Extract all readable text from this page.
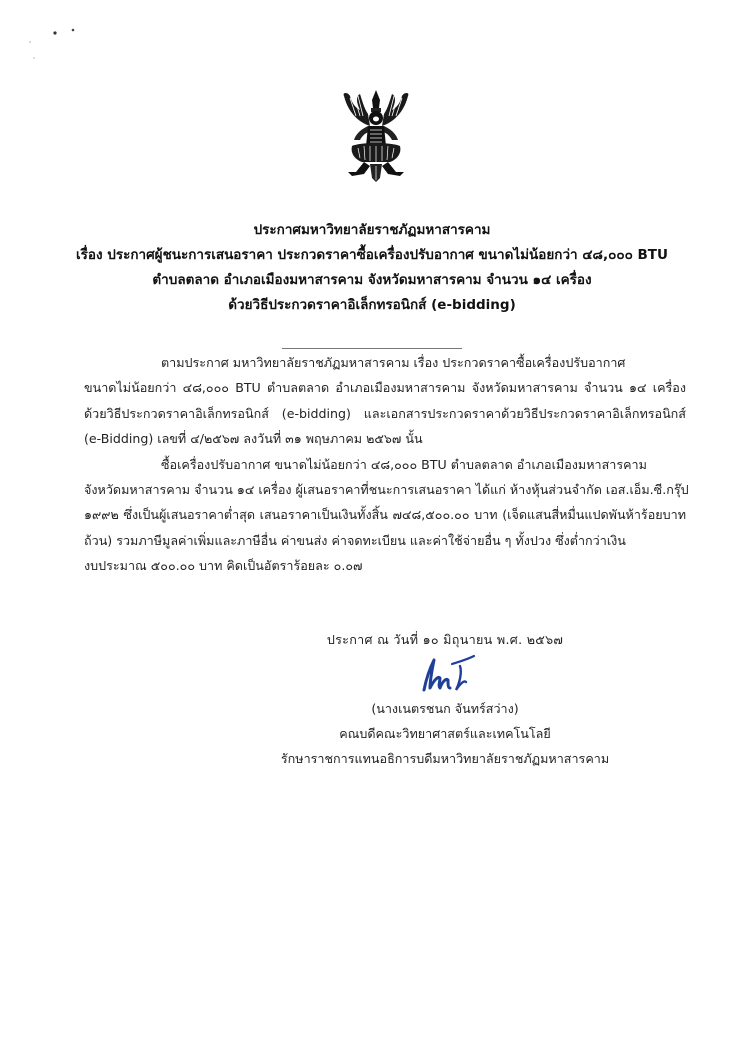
ประกาศมหาวิทยาลัยราชภัฏมหาสารคาม
เรื่อง ประกาศผู้ชนะการเสนอราคา ประกวดราคาซื้อเครื่องปรับอากาศ ขนาดไม่น้อยกว่า ๔๘,๐๐๐ BTU
ตำบลตลาด อำเภอเมืองมหาสารคาม จังหวัดมหาสารคาม จำนวน ๑๔ เครื่อง
ด้วยวิธีประกวดราคาอิเล็กทรอนิกส์ (e-bidding)
ตามประกาศ มหาวิทยาลัยราชภัฏมหาสารคาม เรื่อง ประกวดราคาซื้อเครื่องปรับอากาศ
ขนาดไม่น้อยกว่า ๔๘,๐๐๐ BTU ตำบลตลาด อำเภอเมืองมหาสารคาม จังหวัดมหาสารคาม จำนวน ๑๔ เครื่อง
ด้วยวิธีประกวดราคาอิเล็กทรอนิกส์ (e-bidding) และเอกสารประกวดราคาด้วยวิธีประกวดราคาอิเล็กทรอนิกส์
(e-Bidding) เลขที่ ๔/๒๕๖๗ ลงวันที่ ๓๑ พฤษภาคม ๒๕๖๗ นั้น
ซื้อเครื่องปรับอากาศ ขนาดไม่น้อยกว่า ๔๘,๐๐๐ BTU ตำบลตลาด อำเภอเมืองมหาสารคาม
จังหวัดมหาสารคาม จำนวน ๑๔ เครื่อง ผู้เสนอราคาที่ชนะการเสนอราคา ได้แก่ ห้างหุ้นส่วนจำกัด เอส.เอ็ม.ซี.กรุ๊ป
๑๙๙๒ ซึ่งเป็นผู้เสนอราคาต่ำสุด เสนอราคาเป็นเงินทั้งสิ้น ๗๔๘,๕๐๐.๐๐ บาท (เจ็ดแสนสี่หมื่นแปดพันห้าร้อยบาท
ถ้วน) รวมภาษีมูลค่าเพิ่มและภาษีอื่น ค่าขนส่ง ค่าจดทะเบียน และค่าใช้จ่ายอื่น ๆ ทั้งปวง ซึ่งต่ำกว่าเงิน
งบประมาณ ๕๐๐.๐๐ บาท คิดเป็นอัตราร้อยละ ๐.๐๗
ประกาศ ณ วันที่ ๑๐ มิถุนายน พ.ศ. ๒๕๖๗
(นางเนตรชนก จันทร์สว่าง)
คณบดีคณะวิทยาศาสตร์และเทคโนโลยี
รักษาราชการแทนอธิการบดีมหาวิทยาลัยราชภัฏมหาสารคาม
